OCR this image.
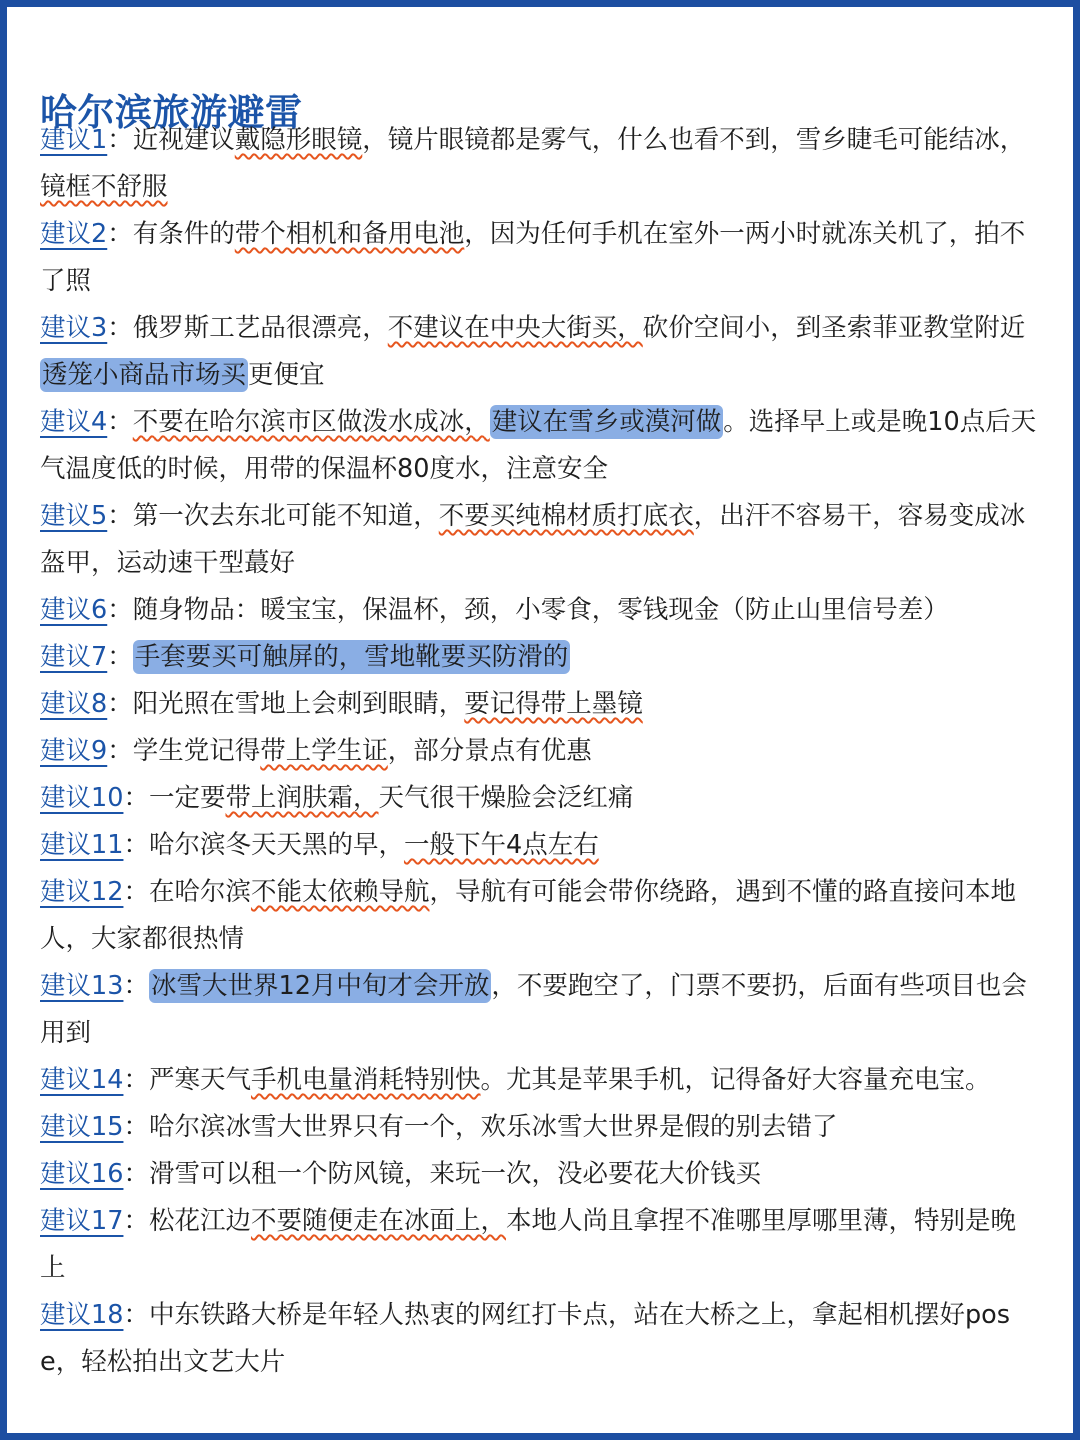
哈尔滨旅游避雷

建议1：近视建议戴隐形眼镜，镜片眼镜都是雾气，什么也看不到，雪乡睫毛可能结冰，镜框不舒服

建议2：有条件的带个相机和备用电池，因为任何手机在室外一两小时就冻关机了，拍不了照

建议3：俄罗斯工艺品很漂亮，不建议在中央大街买，砍价空间小，到圣索菲亚教堂附近透笼小商品市场买更便宜

建议4：不要在哈尔滨市区做泼水成冰，建议在雪乡或漠河做。选择早上或是晚10点后天气温度低的时候，用带的保温杯80度水，注意安全

建议5：第一次去东北可能不知道，不要买纯棉材质打底衣，出汗不容易干，容易变成冰盔甲，运动速干型蕞好

建议6：随身物品：暖宝宝，保温杯，颈，小零食，零钱现金（防止山里信号差）

建议7：手套要买可触屏的，雪地靴要买防滑的

建议8：阳光照在雪地上会刺到眼睛，要记得带上墨镜

建议9：学生党记得带上学生证，部分景点有优惠

建议10：一定要带上润肤霜，天气很干燥脸会泛红痛

建议11：哈尔滨冬天天黑的早，一般下午4点左右

建议12：在哈尔滨不能太依赖导航，导航有可能会带你绕路，遇到不懂的路直接问本地人，大家都很热情

建议13：冰雪大世界12月中旬才会开放，不要跑空了，门票不要扔，后面有些项目也会用到

建议14：严寒天气手机电量消耗特别快。尤其是苹果手机，记得备好大容量充电宝。

建议15：哈尔滨冰雪大世界只有一个，欢乐冰雪大世界是假的别去错了

建议16：滑雪可以租一个防风镜，来玩一次，没必要花大价钱买

建议17：松花江边不要随便走在冰面上，本地人尚且拿捏不准哪里厚哪里薄，特别是晚上

建议18：中东铁路大桥是年轻人热衷的网红打卡点，站在大桥之上，拿起相机摆好pose，轻松拍出文艺大片
